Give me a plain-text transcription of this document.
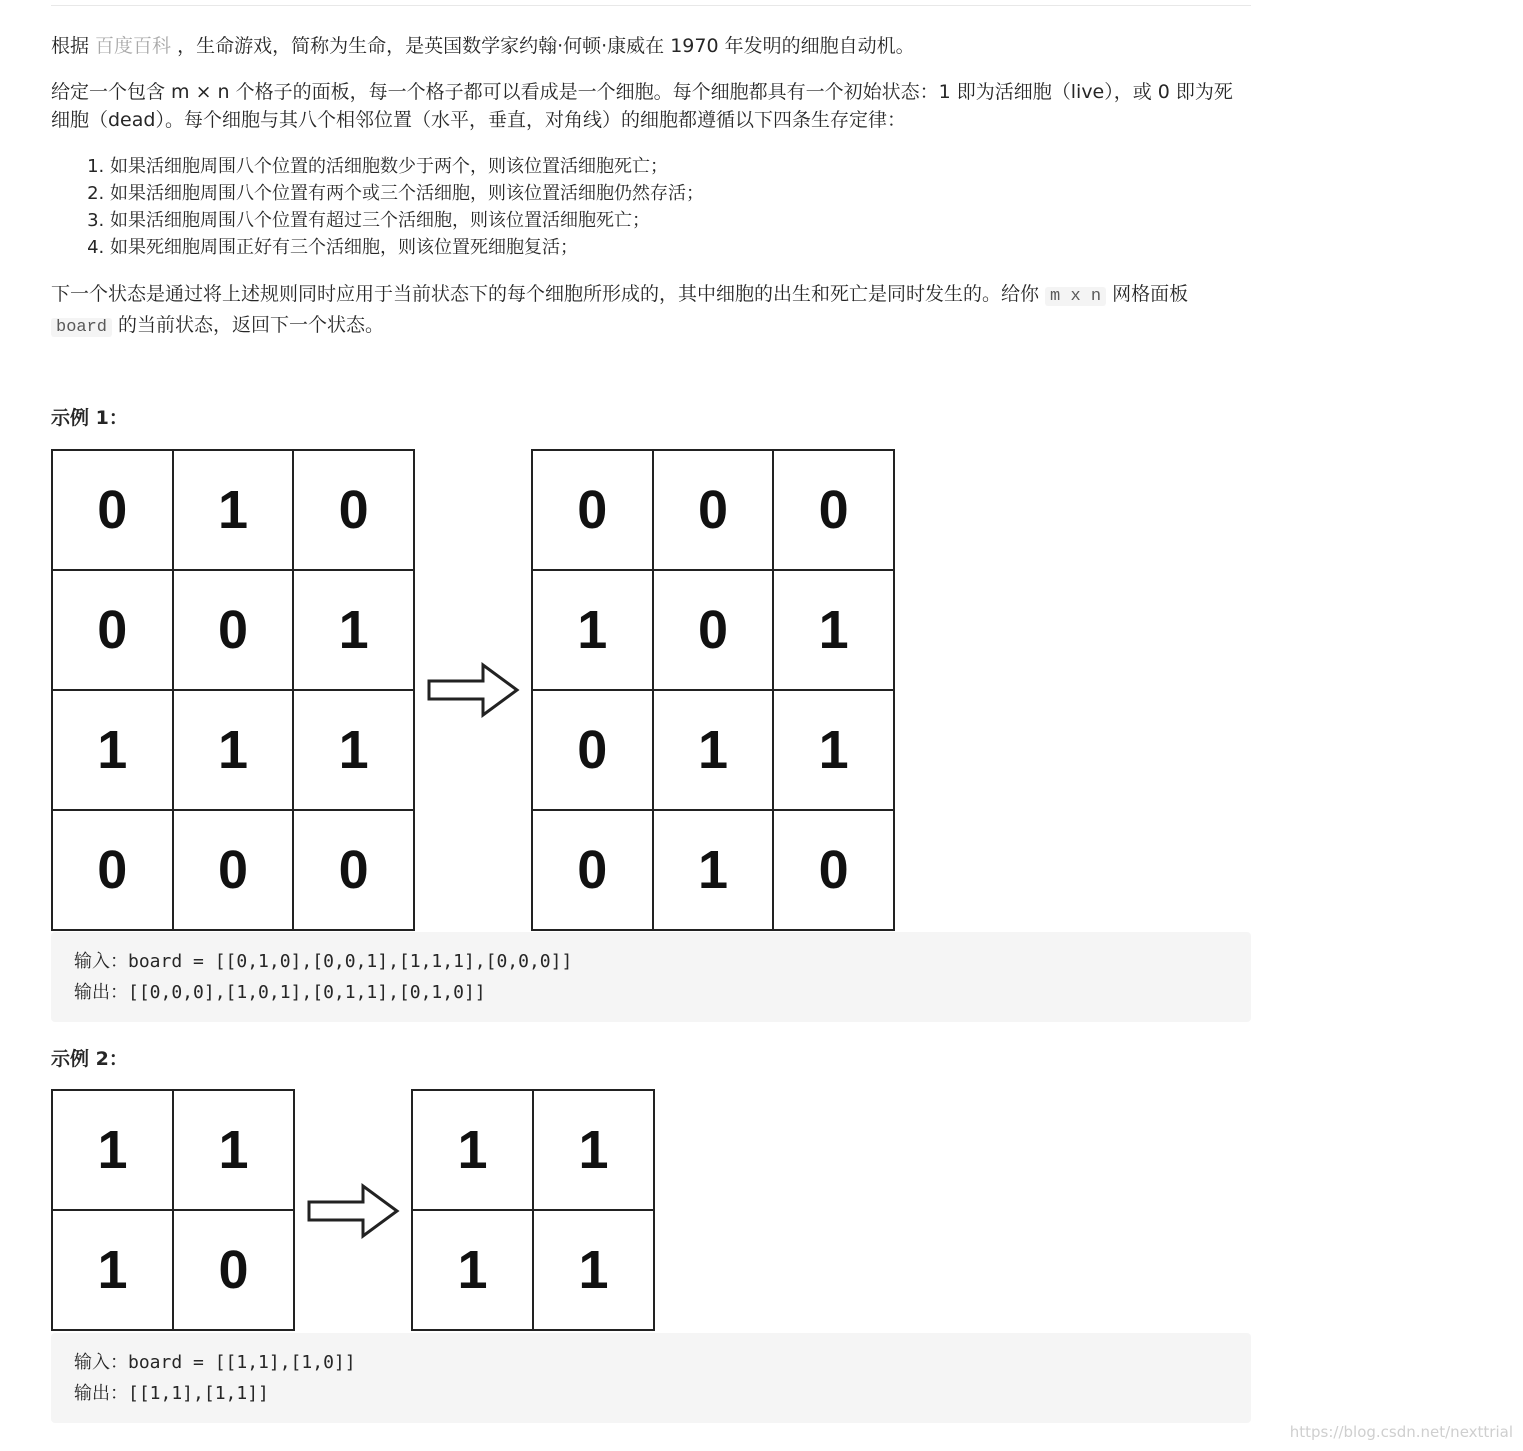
根据 百度百科 ，生命游戏，简称为生命，是英国数学家约翰·何顿·康威在 1970 年发明的细胞自动机。

给定一个包含 m × n 个格子的面板，每一个格子都可以看成是一个细胞。每个细胞都具有一个初始状态：1 即为活细胞（live），或 0 即为死细胞（dead）。每个细胞与其八个相邻位置（水平，垂直，对角线）的细胞都遵循以下四条生存定律：

1. 如果活细胞周围八个位置的活细胞数少于两个，则该位置活细胞死亡；
2. 如果活细胞周围八个位置有两个或三个活细胞，则该位置活细胞仍然存活；
3. 如果活细胞周围八个位置有超过三个活细胞，则该位置活细胞死亡；
4. 如果死细胞周围正好有三个活细胞，则该位置死细胞复活；

下一个状态是通过将上述规则同时应用于当前状态下的每个细胞所形成的，其中细胞的出生和死亡是同时发生的。给你 m x n 网格面板
board 的当前状态，返回下一个状态。

示例 1：

0	1	0
0	0	1
1	1	1
0	0	0
0	0	0
1	0	1
0	1	1
0	1	0
输入：board = [[0,1,0],[0,0,1],[1,1,1],[0,0,0]]
输出：[[0,0,0],[1,0,1],[0,1,1],[0,1,0]]

示例 2：

1	1
1	0
1	1
1	1
输入：board = [[1,1],[1,0]]
输出：[[1,1],[1,1]]
https://blog.csdn.net/nexttrial
